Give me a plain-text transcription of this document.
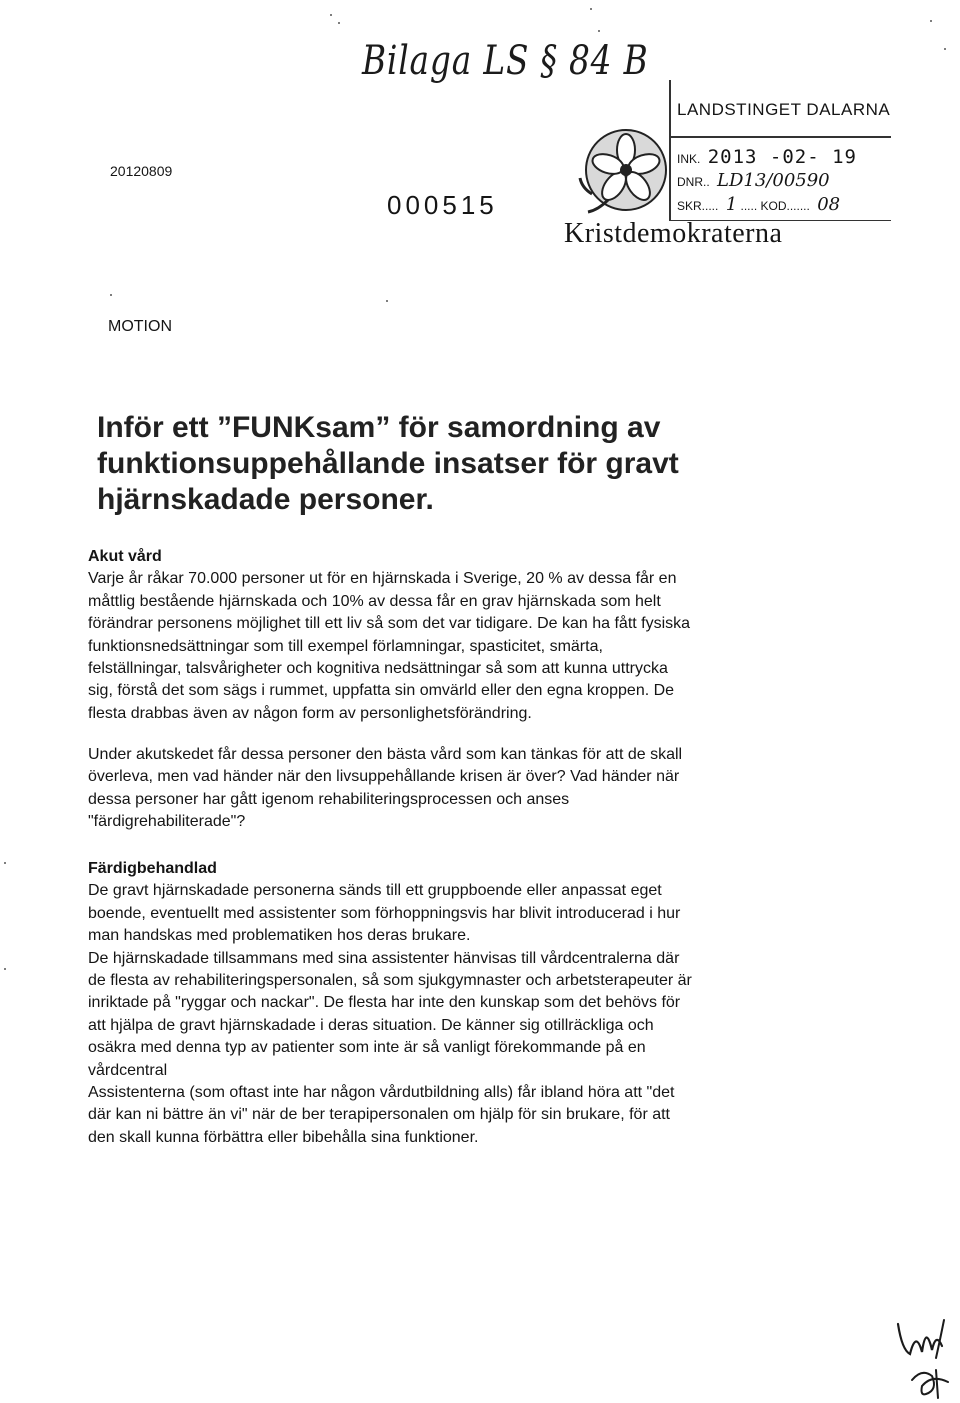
Bilaga LS § 84 B
20120809
000515
LANDSTINGET DALARNA
INK. 2013 -02- 19
DNR.. LD13/00590
SKR..... 1 ..... KOD....... 08
Kristdemokraterna
MOTION
Inför ett ”FUNKsam” för samordning av
funktionsuppehållande insatser för gravt
hjärnskadade personer.
Akut vård
Varje år råkar 70.000 personer ut för en hjärnskada i Sverige, 20 % av dessa får en
måttlig bestående hjärnskada och 10% av dessa får en grav hjärnskada som helt
förändrar personens möjlighet till ett liv så som det var tidigare. De kan ha fått fysiska
funktionsnedsättningar som till exempel förlamningar, spasticitet, smärta,
felställningar, talsvårigheter och kognitiva nedsättningar så som att kunna uttrycka
sig, förstå det som sägs i rummet, uppfatta sin omvärld eller den egna kroppen. De
flesta drabbas även av någon form av personlighetsförändring.
Under akutskedet får dessa personer den bästa vård som kan tänkas för att de skall
överleva, men vad händer när den livsuppehållande krisen är över? Vad händer när
dessa personer har gått igenom rehabiliteringsprocessen och anses
"färdigrehabiliterade"?
Färdigbehandlad
De gravt hjärnskadade personerna sänds till ett gruppboende eller anpassat eget
boende, eventuellt med assistenter som förhoppningsvis har blivit introducerad i hur
man handskas med problematiken hos deras brukare.
De hjärnskadade tillsammans med sina assistenter hänvisas till vårdcentralerna där
de flesta av rehabiliteringspersonalen, så som sjukgymnaster och arbetsterapeuter är
inriktade på "ryggar och nackar". De flesta har inte den kunskap som det behövs för
att hjälpa de gravt hjärnskadade i deras situation. De känner sig otillräckliga och
osäkra med denna typ av patienter som inte är så vanligt förekommande på en
vårdcentral
Assistenterna (som oftast inte har någon vårdutbildning alls) får ibland höra att "det
där kan ni bättre än vi" när de ber terapipersonalen om hjälp för sin brukare, för att
den skall kunna förbättra eller bibehålla sina funktioner.
